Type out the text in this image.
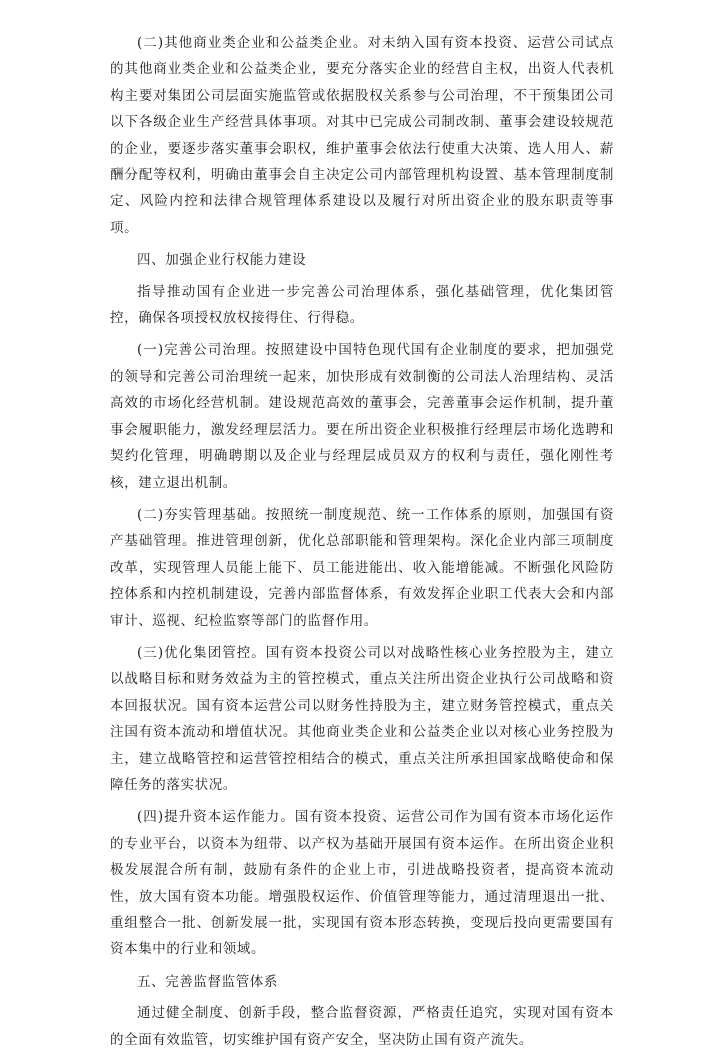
(二)其他商业类企业和公益类企业。对未纳入国有资本投资、运营公司试点的其他商业类企业和公益类企业，要充分落实企业的经营自主权，出资人代表机构主要对集团公司层面实施监管或依据股权关系参与公司治理，不干预集团公司以下各级企业生产经营具体事项。对其中已完成公司制改制、董事会建设较规范的企业，要逐步落实董事会职权，维护董事会依法行使重大决策、选人用人、薪酬分配等权利，明确由董事会自主决定公司内部管理机构设置、基本管理制度制定、风险内控和法律合规管理体系建设以及履行对所出资企业的股东职责等事项。

四、加强企业行权能力建设

指导推动国有企业进一步完善公司治理体系，强化基础管理，优化集团管控，确保各项授权放权接得住、行得稳。

(一)完善公司治理。按照建设中国特色现代国有企业制度的要求，把加强党的领导和完善公司治理统一起来，加快形成有效制衡的公司法人治理结构、灵活高效的市场化经营机制。建设规范高效的董事会，完善董事会运作机制，提升董事会履职能力，激发经理层活力。要在所出资企业积极推行经理层市场化选聘和契约化管理，明确聘期以及企业与经理层成员双方的权利与责任，强化刚性考核，建立退出机制。

(二)夯实管理基础。按照统一制度规范、统一工作体系的原则，加强国有资产基础管理。推进管理创新，优化总部职能和管理架构。深化企业内部三项制度改革，实现管理人员能上能下、员工能进能出、收入能增能减。不断强化风险防控体系和内控机制建设，完善内部监督体系，有效发挥企业职工代表大会和内部审计、巡视、纪检监察等部门的监督作用。

(三)优化集团管控。国有资本投资公司以对战略性核心业务控股为主，建立以战略目标和财务效益为主的管控模式，重点关注所出资企业执行公司战略和资本回报状况。国有资本运营公司以财务性持股为主，建立财务管控模式，重点关注国有资本流动和增值状况。其他商业类企业和公益类企业以对核心业务控股为主，建立战略管控和运营管控相结合的模式，重点关注所承担国家战略使命和保障任务的落实状况。

(四)提升资本运作能力。国有资本投资、运营公司作为国有资本市场化运作的专业平台，以资本为纽带、以产权为基础开展国有资本运作。在所出资企业积极发展混合所有制，鼓励有条件的企业上市，引进战略投资者，提高资本流动性，放大国有资本功能。增强股权运作、价值管理等能力，通过清理退出一批、重组整合一批、创新发展一批，实现国有资本形态转换，变现后投向更需要国有资本集中的行业和领域。

五、完善监督监管体系

通过健全制度、创新手段，整合监督资源，严格责任追究，实现对国有资本的全面有效监管，切实维护国有资产安全，坚决防止国有资产流失。
